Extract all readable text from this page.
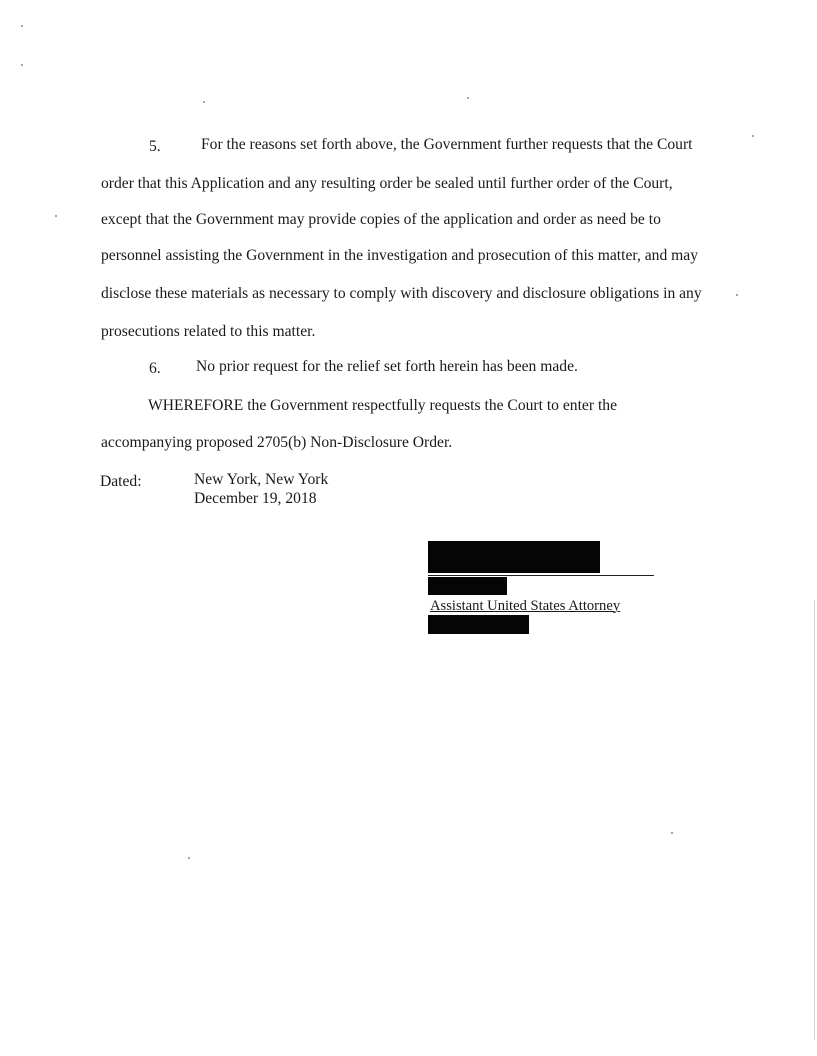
5.	For the reasons set forth above, the Government further requests that the Court
order that this Application and any resulting order be sealed until further order of the Court,
except that the Government may provide copies of the application and order as need be to
personnel assisting the Government in the investigation and prosecution of this matter, and may
disclose these materials as necessary to comply with discovery and disclosure obligations in any
prosecutions related to this matter.
6. No prior request for the relief set forth herein has been made.
WHEREFORE the Government respectfully requests the Court to enter the
accompanying proposed 2705(b) Non-Disclosure Order.
Dated:	New York, New York
December 19, 2018
Assistant United States Attorney
